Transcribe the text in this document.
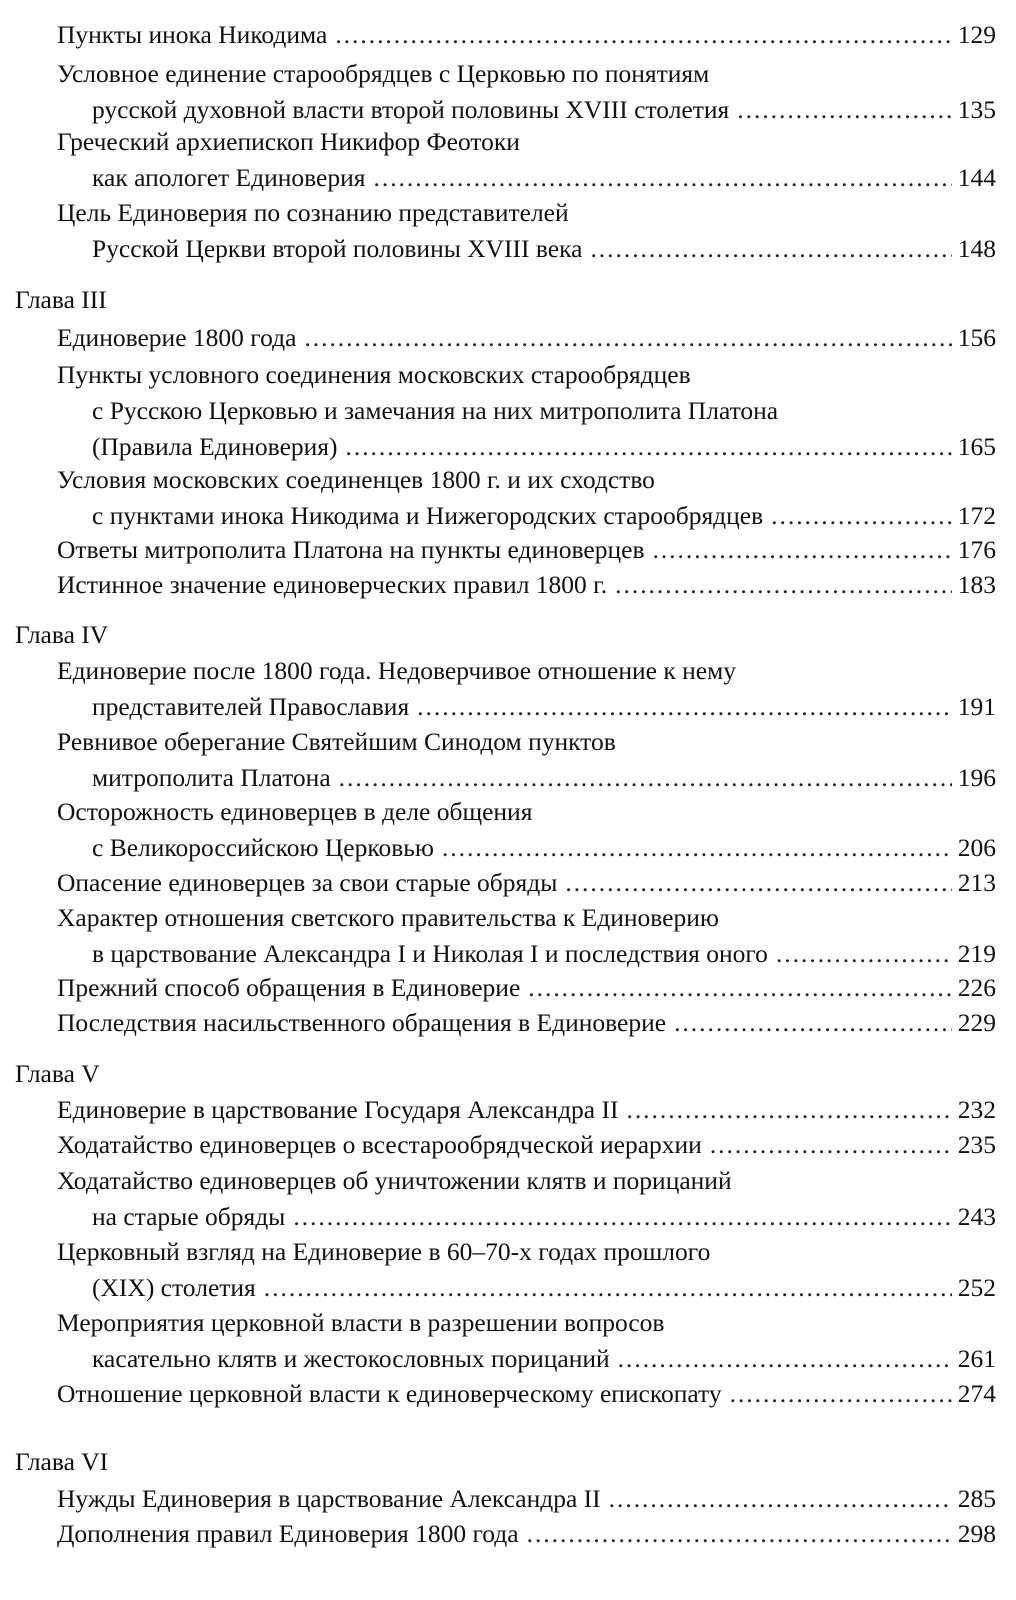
Пункты инока Никодима . . .	129
Условное единение старообрядцев с Церковью по понятиям
русской духовной власти второй половины XVIII столетия . . .	135
Греческий архиепископ Никифор Феотоки
как апологет Единоверия . . .	144
Цель Единоверия по сознанию представителей
Русской Церкви второй половины XVIII века . . .	148
Глава III
Единоверие 1800 года . . .	156
Пункты условного соединения московских старообрядцев
с Русскою Церковью и замечания на них митрополита Платона
(Правила Единоверия) . . .	165
Условия московских соединенцев 1800 г. и их сходство
с пунктами инока Никодима и Нижегородских старообрядцев . . .	172
Ответы митрополита Платона на пункты единоверцев . . .	176
Истинное значение единоверческих правил 1800 г. . . .	183
Глава IV
Единоверие после 1800 года. Недоверчивое отношение к нему
представителей Православия . . .	191
Ревнивое оберегание Святейшим Синодом пунктов
митрополита Платона . . .	196
Осторожность единоверцев в деле общения
с Великороссийскою Церковью . . .	206
Опасение единоверцев за свои старые обряды . . .	213
Характер отношения светского правительства к Единоверию
в царствование Александра I и Николая I и последствия оного . . .	219
Прежний способ обращения в Единоверие . . .	226
Последствия насильственного обращения в Единоверие . . .	229
Глава V
Единоверие в царствование Государя Александра II . . .	232
Ходатайство единоверцев о всестарообрядческой иерархии . . .	235
Ходатайство единоверцев об уничтожении клятв и порицаний
на старые обряды . . .	243
Церковный взгляд на Единоверие в 60–70-х годах прошлого
(XIX) столетия . . .	252
Мероприятия церковной власти в разрешении вопросов
касательно клятв и жестокословных порицаний . . .	261
Отношение церковной власти к единоверческому епископату . . .	274
Глава VI
Нужды Единоверия в царствование Александра II . . .	285
Дополнения правил Единоверия 1800 года . . .	298
